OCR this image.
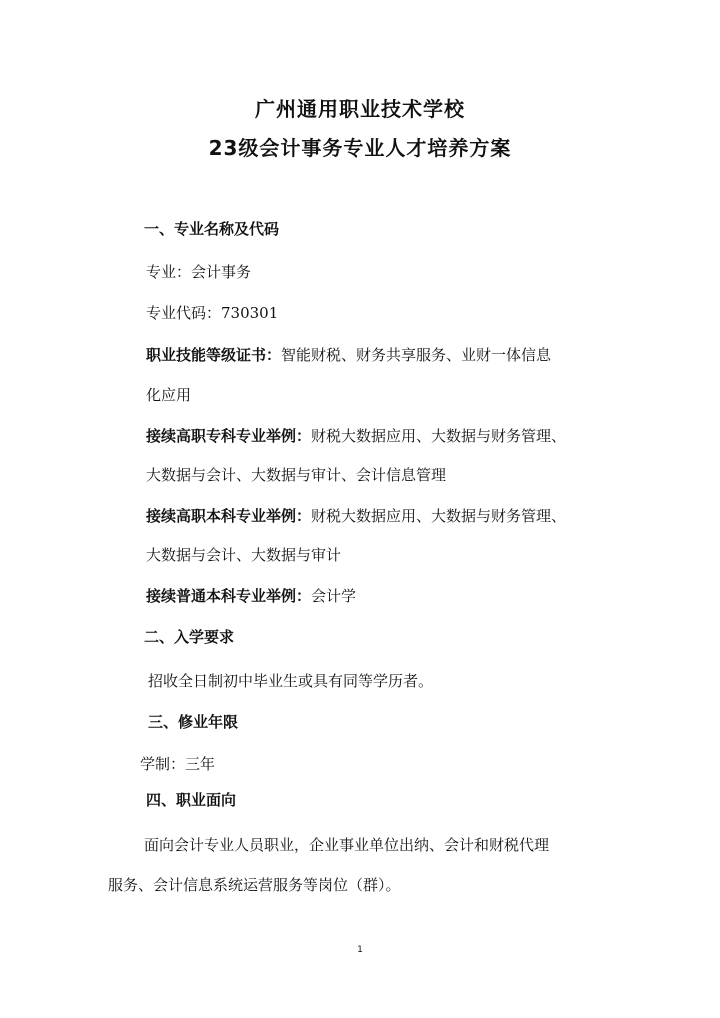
广州通用职业技术学校
23级会计事务专业人才培养方案
一、专业名称及代码
专业：会计事务
专业代码：730301
职业技能等级证书：智能财税、财务共享服务、业财一体信息
化应用
接续高职专科专业举例：财税大数据应用、大数据与财务管理、
大数据与会计、大数据与审计、会计信息管理
接续高职本科专业举例：财税大数据应用、大数据与财务管理、
大数据与会计、大数据与审计
接续普通本科专业举例：会计学
二、入学要求
招收全日制初中毕业生或具有同等学历者。
三、修业年限
学制：三年
四、职业面向
面向会计专业人员职业，企业事业单位出纳、会计和财税代理
服务、会计信息系统运营服务等岗位（群）。
1
